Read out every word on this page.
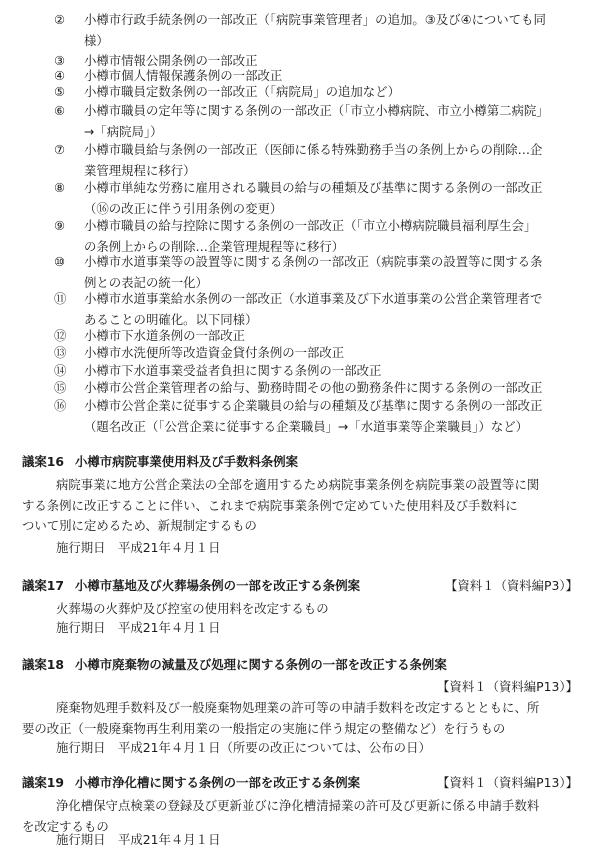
②	小樽市行政手続条例の一部改正（「病院事業管理者」の追加。③及び④についても同
様）
③	小樽市情報公開条例の一部改正
④	小樽市個人情報保護条例の一部改正
⑤	小樽市職員定数条例の一部改正（「病院局」の追加など）
⑥	小樽市職員の定年等に関する条例の一部改正（「市立小樽病院、市立小樽第二病院」
→「病院局」）
⑦	小樽市職員給与条例の一部改正（医師に係る特殊勤務手当の条例上からの削除…企
業管理規程に移行）
⑧	小樽市単純な労務に雇用される職員の給与の種類及び基準に関する条例の一部改正
（⑯の改正に伴う引用条例の変更）
⑨	小樽市職員の給与控除に関する条例の一部改正（「市立小樽病院職員福利厚生会」
の条例上からの削除…企業管理規程等に移行）
⑩	小樽市水道事業等の設置等に関する条例の一部改正（病院事業の設置等に関する条
例との表記の統一化）
⑪	小樽市水道事業給水条例の一部改正（水道事業及び下水道事業の公営企業管理者で
あることの明確化。以下同様）
⑫	小樽市下水道条例の一部改正
⑬	小樽市水洗便所等改造資金貸付条例の一部改正
⑭	小樽市下水道事業受益者負担に関する条例の一部改正
⑮	小樽市公営企業管理者の給与、勤務時間その他の勤務条件に関する条例の一部改正
⑯	小樽市公営企業に従事する企業職員の給与の種類及び基準に関する条例の一部改正
（題名改正（「公営企業に従事する企業職員」→「水道事業等企業職員」）など）
議案16 小樽市病院事業使用料及び手数料条例案
病院事業に地方公営企業法の全部を適用するため病院事業条例を病院事業の設置等に関
する条例に改正することに伴い、これまで病院事業条例で定めていた使用料及び手数料に
ついて別に定めるため、新規制定するもの
施行期日　平成21年４月１日
議案17 小樽市墓地及び火葬場条例の一部を改正する条例案	【資料１（資料編P3）】
火葬場の火葬炉及び控室の使用料を改定するもの
施行期日　平成21年４月１日
議案18 小樽市廃棄物の減量及び処理に関する条例の一部を改正する条例案
【資料１（資料編P13）】
廃棄物処理手数料及び一般廃棄物処理業の許可等の申請手数料を改定するとともに、所
要の改正（一般廃棄物再生利用業の一般指定の実施に伴う規定の整備など）を行うもの
施行期日　平成21年４月１日（所要の改正については、公布の日）
議案19 小樽市浄化槽に関する条例の一部を改正する条例案	【資料１（資料編P13）】
浄化槽保守点検業の登録及び更新並びに浄化槽清掃業の許可及び更新に係る申請手数料
を改定するもの
施行期日　平成21年４月１日
